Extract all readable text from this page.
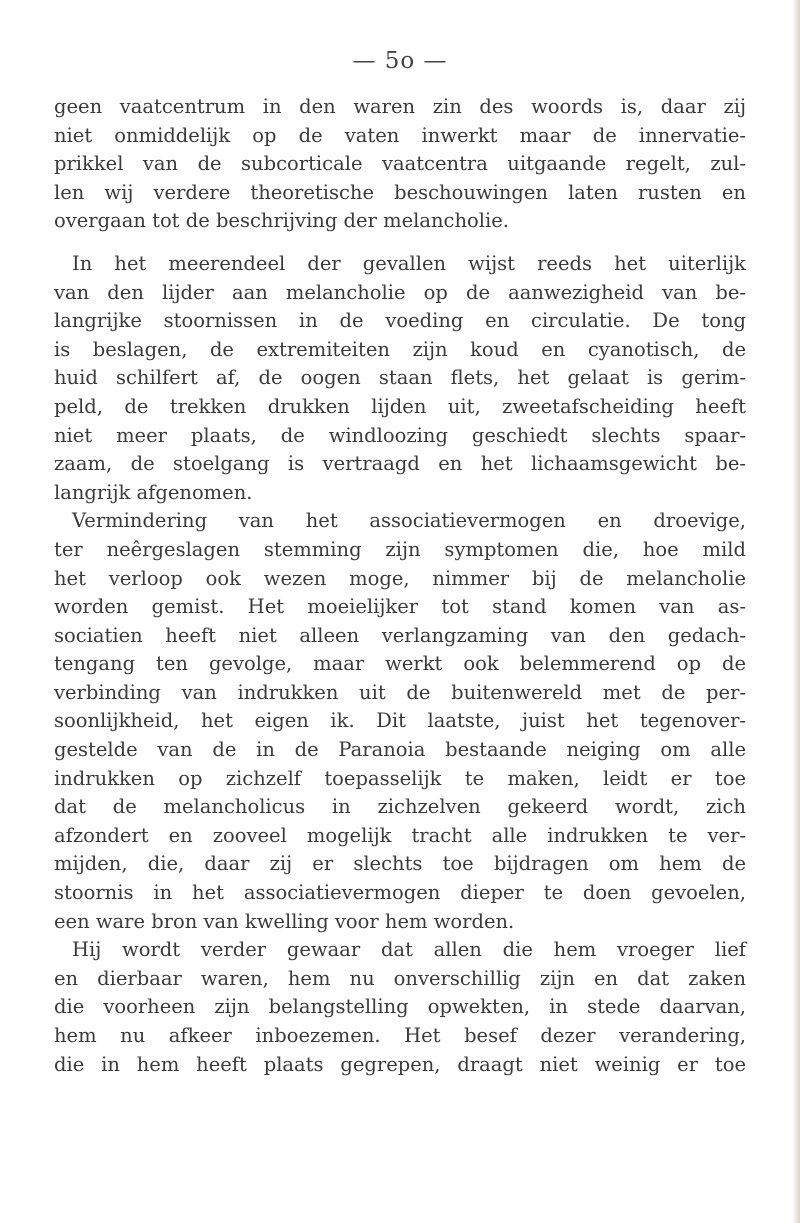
— 5o —
geen vaatcentrum in den waren zin des woords is, daar zij
niet onmiddelijk op de vaten inwerkt maar de innervatie-
prikkel van de subcorticale vaatcentra uitgaande regelt, zul-
len wij verdere theoretische beschouwingen laten rusten en
overgaan tot de beschrijving der melancholie.
In het meerendeel der gevallen wijst reeds het uiterlijk
van den lijder aan melancholie op de aanwezigheid van be-
langrijke stoornissen in de voeding en circulatie. De tong
is beslagen, de extremiteiten zijn koud en cyanotisch, de
huid schilfert af, de oogen staan flets, het gelaat is gerim-
peld, de trekken drukken lijden uit, zweetafscheiding heeft
niet meer plaats, de windloozing geschiedt slechts spaar-
zaam, de stoelgang is vertraagd en het lichaamsgewicht be-
langrijk afgenomen.
Vermindering van het associatievermogen en droevige,
ter neêrgeslagen stemming zijn symptomen die, hoe mild
het verloop ook wezen moge, nimmer bij de melancholie
worden gemist. Het moeielijker tot stand komen van as-
sociatien heeft niet alleen verlangzaming van den gedach-
tengang ten gevolge, maar werkt ook belemmerend op de
verbinding van indrukken uit de buitenwereld met de per-
soonlijkheid, het eigen ik. Dit laatste, juist het tegenover-
gestelde van de in de Paranoia bestaande neiging om alle
indrukken op zichzelf toepasselijk te maken, leidt er toe
dat de melancholicus in zichzelven gekeerd wordt, zich
afzondert en zooveel mogelijk tracht alle indrukken te ver-
mijden, die, daar zij er slechts toe bijdragen om hem de
stoornis in het associatievermogen dieper te doen gevoelen,
een ware bron van kwelling voor hem worden.
Hij wordt verder gewaar dat allen die hem vroeger lief
en dierbaar waren, hem nu onverschillig zijn en dat zaken
die voorheen zijn belangstelling opwekten, in stede daarvan,
hem nu afkeer inboezemen. Het besef dezer verandering,
die in hem heeft plaats gegrepen, draagt niet weinig er toe
